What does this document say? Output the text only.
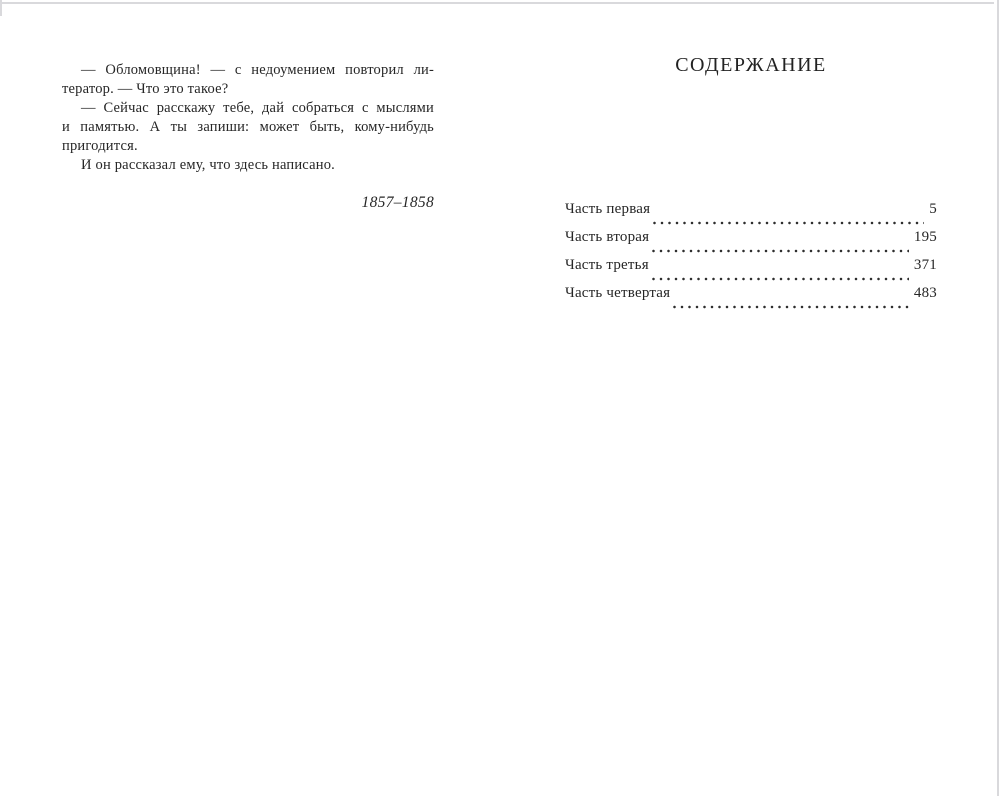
— Обломовщина! — с недоумением повторил ли-
тератор. — Что это такое?
— Сейчас расскажу тебе, дай собраться с мыслями
и памятью. А ты запиши: может быть, кому-нибудь
пригодится.
И он рассказал ему, что здесь написано.
1857–1858
СОДЕРЖАНИЕ
Часть первая	5
Часть вторая	195
Часть третья	371
Часть четвертая	483
